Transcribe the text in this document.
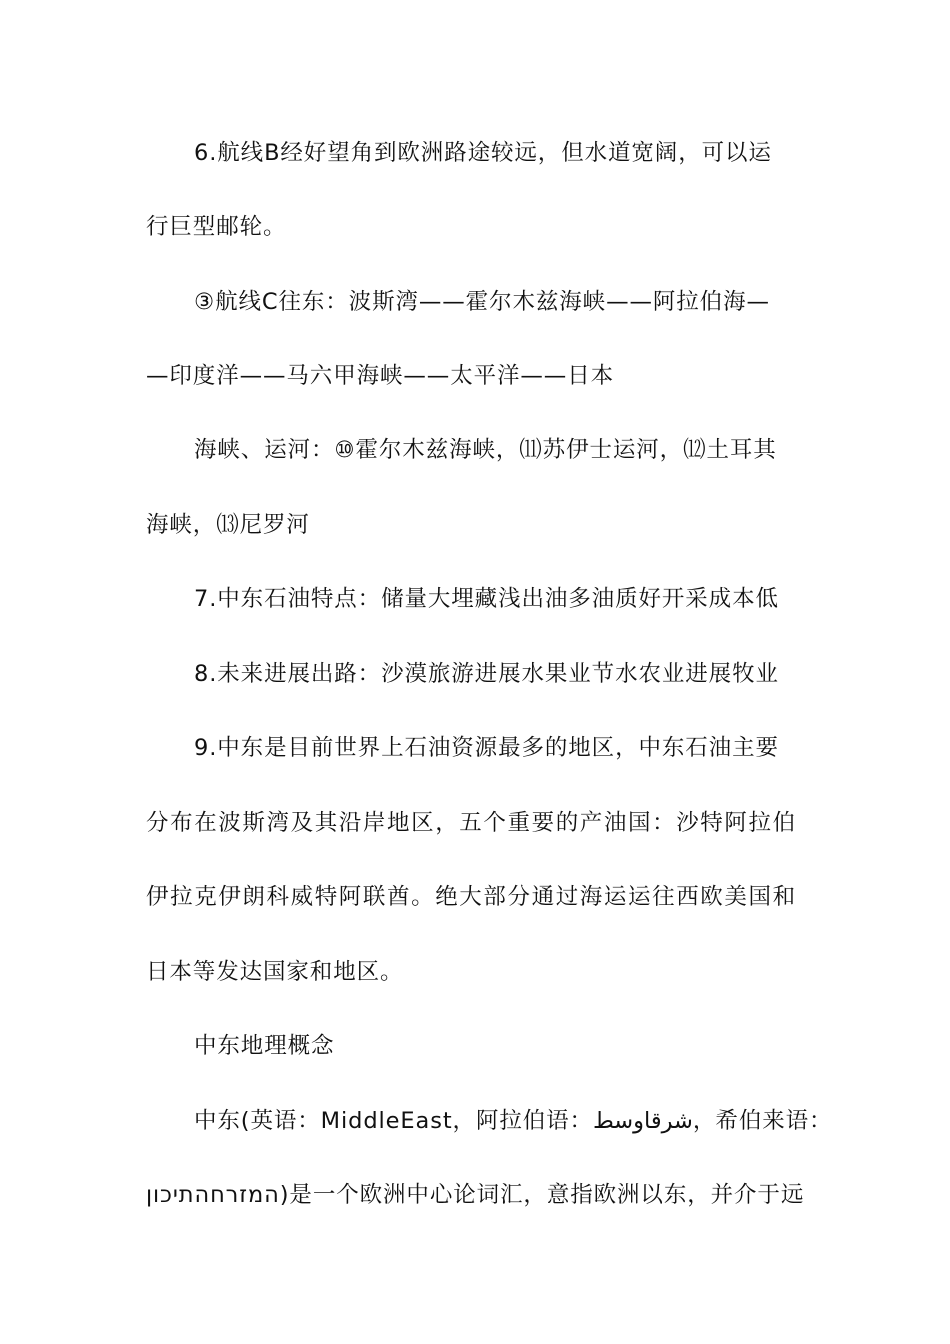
6.航线B经好望角到欧洲路途较远，但水道宽阔，可以运
行巨型邮轮。
③航线C往东：波斯湾——霍尔木兹海峡——阿拉伯海—
—印度洋——马六甲海峡——太平洋——日本
海峡、运河：⑩霍尔木兹海峡，⑾苏伊士运河，⑿土耳其
海峡，⒀尼罗河
7.中东石油特点：储量大埋藏浅出油多油质好开采成本低
8.未来进展出路：沙漠旅游进展水果业节水农业进展牧业
9.中东是目前世界上石油资源最多的地区，中东石油主要
分布在波斯湾及其沿岸地区，五个重要的产油国：沙特阿拉伯
伊拉克伊朗科威特阿联酋。绝大部分通过海运运往西欧美国和
日本等发达国家和地区。
中东地理概念
中东(英语：MiddleEast，阿拉伯语：شرقاوسط，希伯来语：
המזרחהתיכון)是一个欧洲中心论词汇，意指欧洲以东，并介于远
